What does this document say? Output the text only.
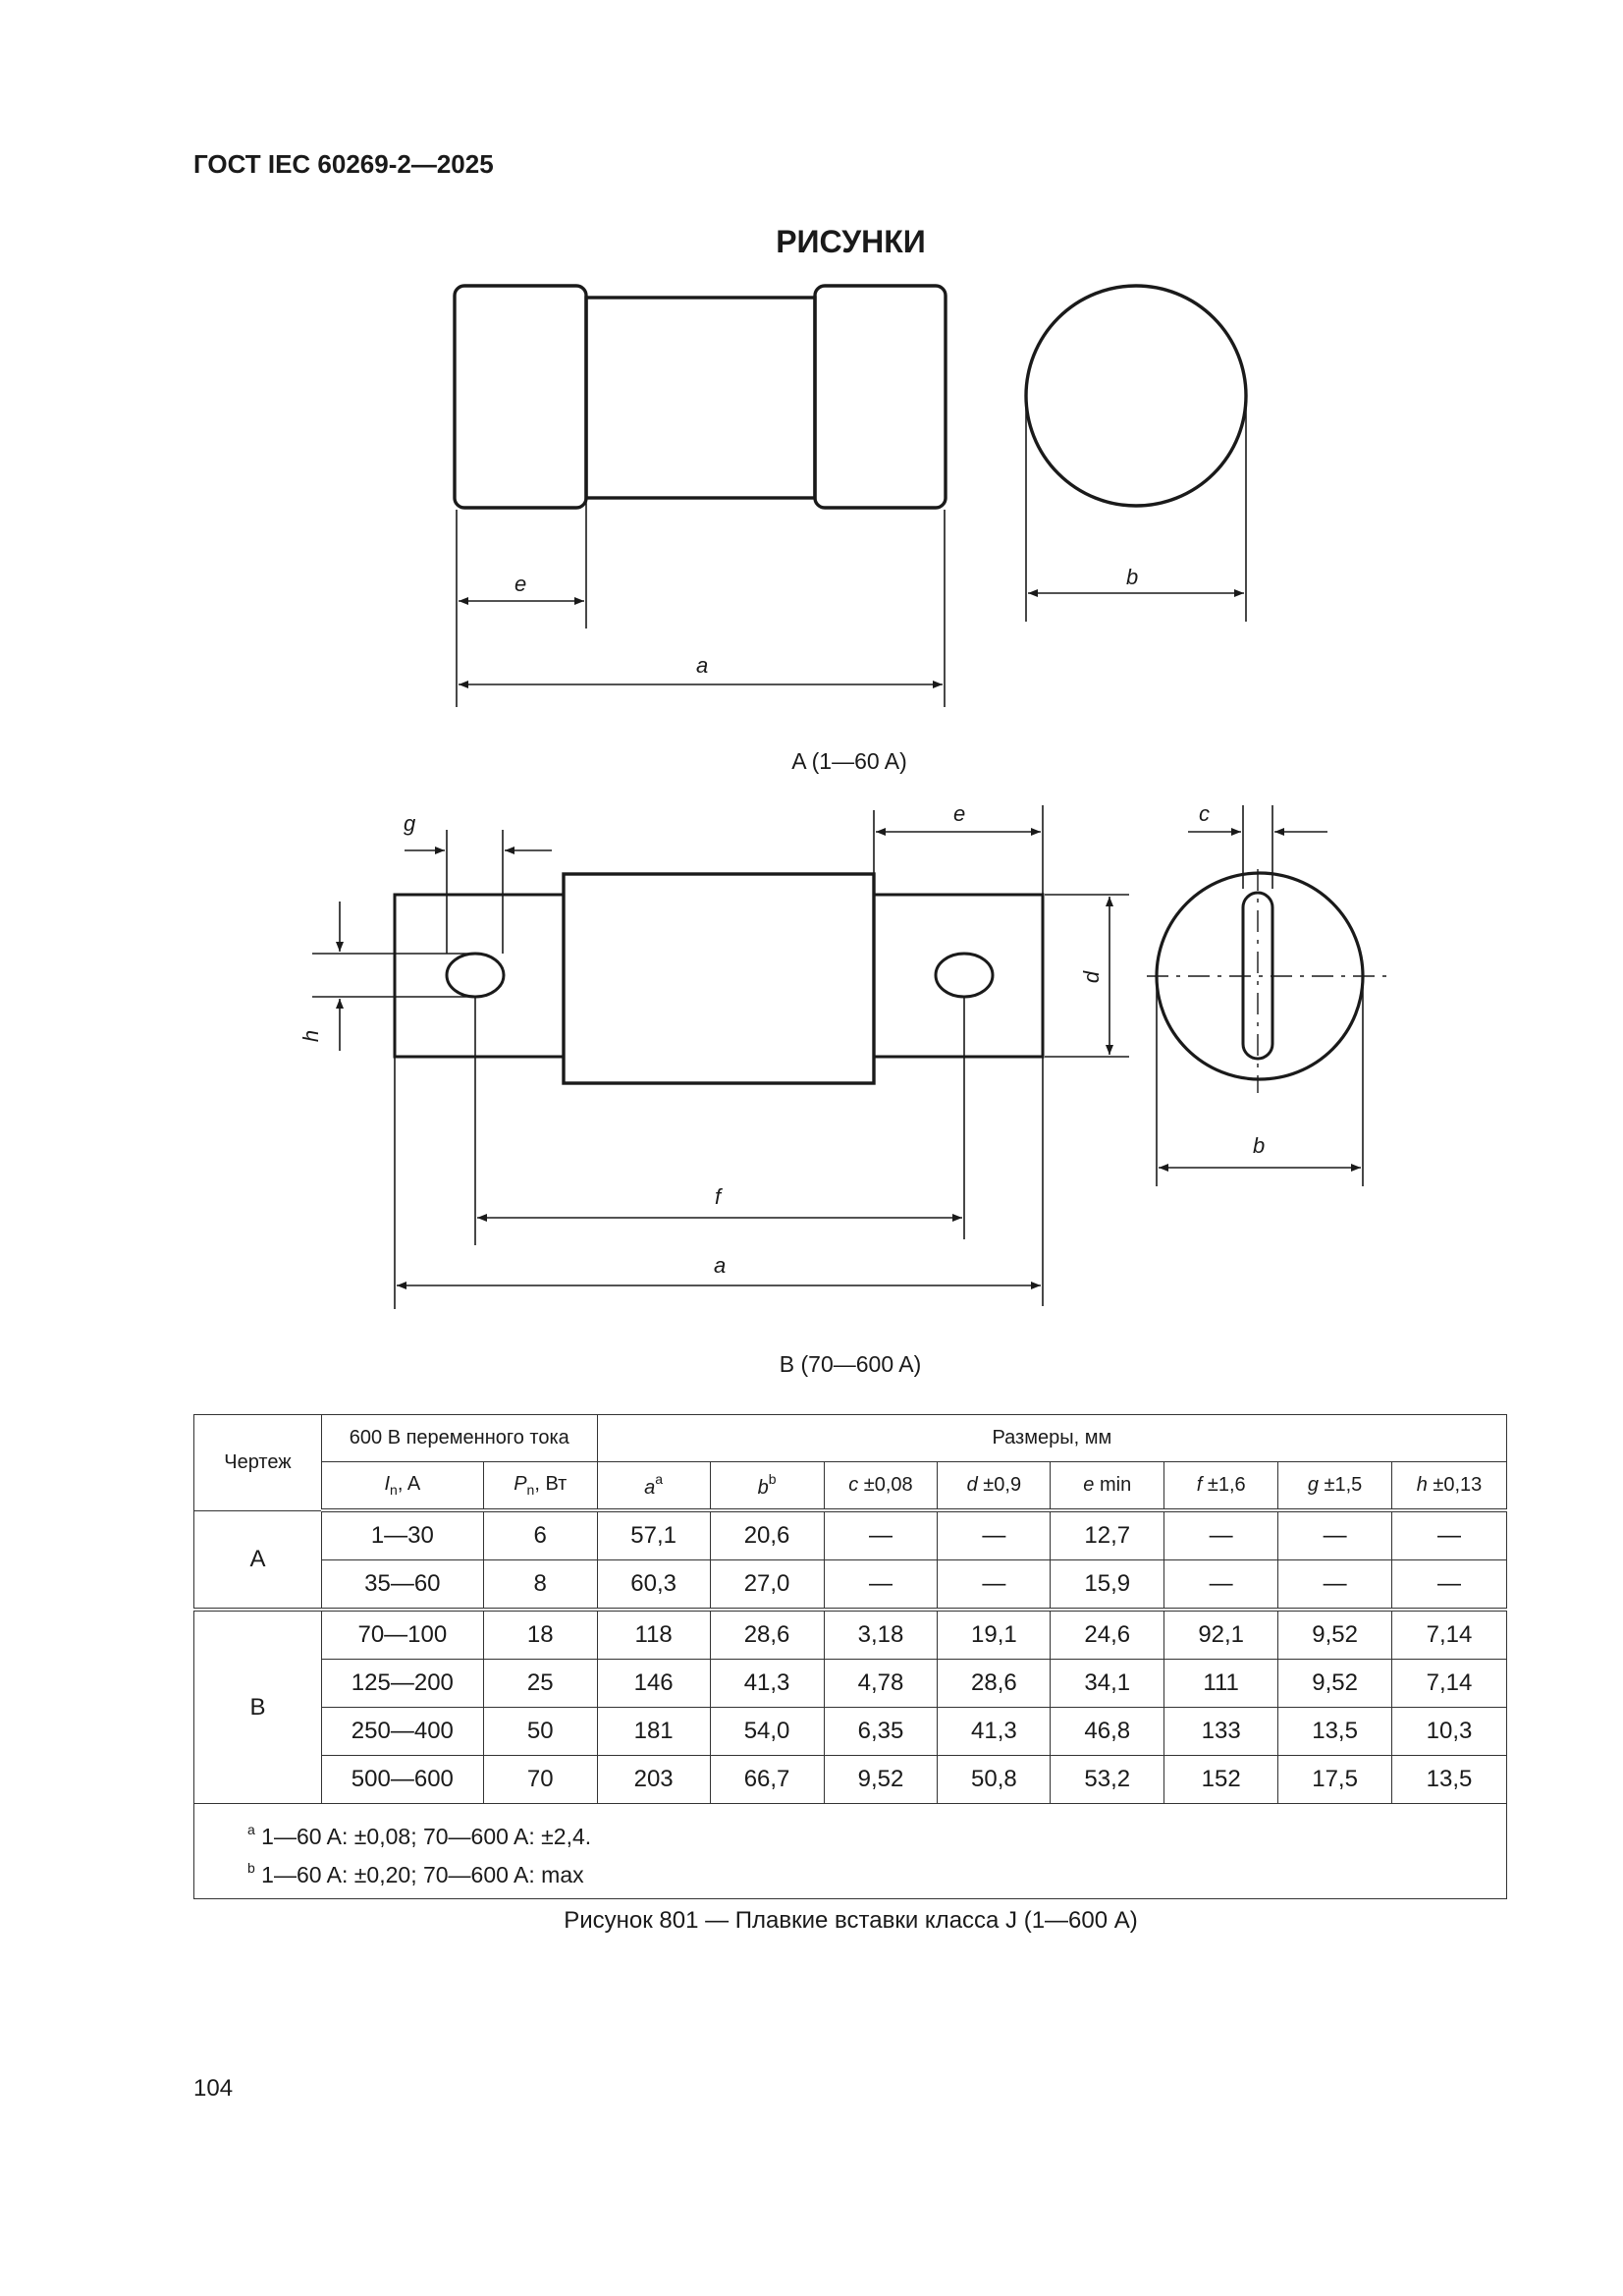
ГОСТ IEC 60269-2—2025
РИСУНКИ
e
a
b
A (1—60 A)
g	e	c
h
d
b
f
a
B (70—600 A)
Чертеж	600 В переменного тока		Размеры, мм							
	$I_n$, A	$P_n$, Вт	$a^a$	$b^b$	c ±0,08	d ±0,9	e min	f ±1,6	g ±1,5	h ±0,13
A	1—30	6	57,1	20,6	—	—	12,7	—	—	—
	35—60	8	60,3	27,0	—	—	15,9	—	—	—
B	70—100	18	118	28,6	3,18	19,1	24,6	92,1	9,52	7,14
	125—200	25	146	41,3	4,78	28,6	34,1	111	9,52	7,14
	250—400	50	181	54,0	6,35	41,3	46,8	133	13,5	10,3
	500—600	70	203	66,7	9,52	50,8	53,2	152	17,5	13,5

$^a$ 1—60 A: ±0,08; 70—600 A: ±2,4.
$^b$ 1—60 A: ±0,20; 70—600 A: max										
Рисунок 801 — Плавкие вставки класса J (1—600 А)
104
